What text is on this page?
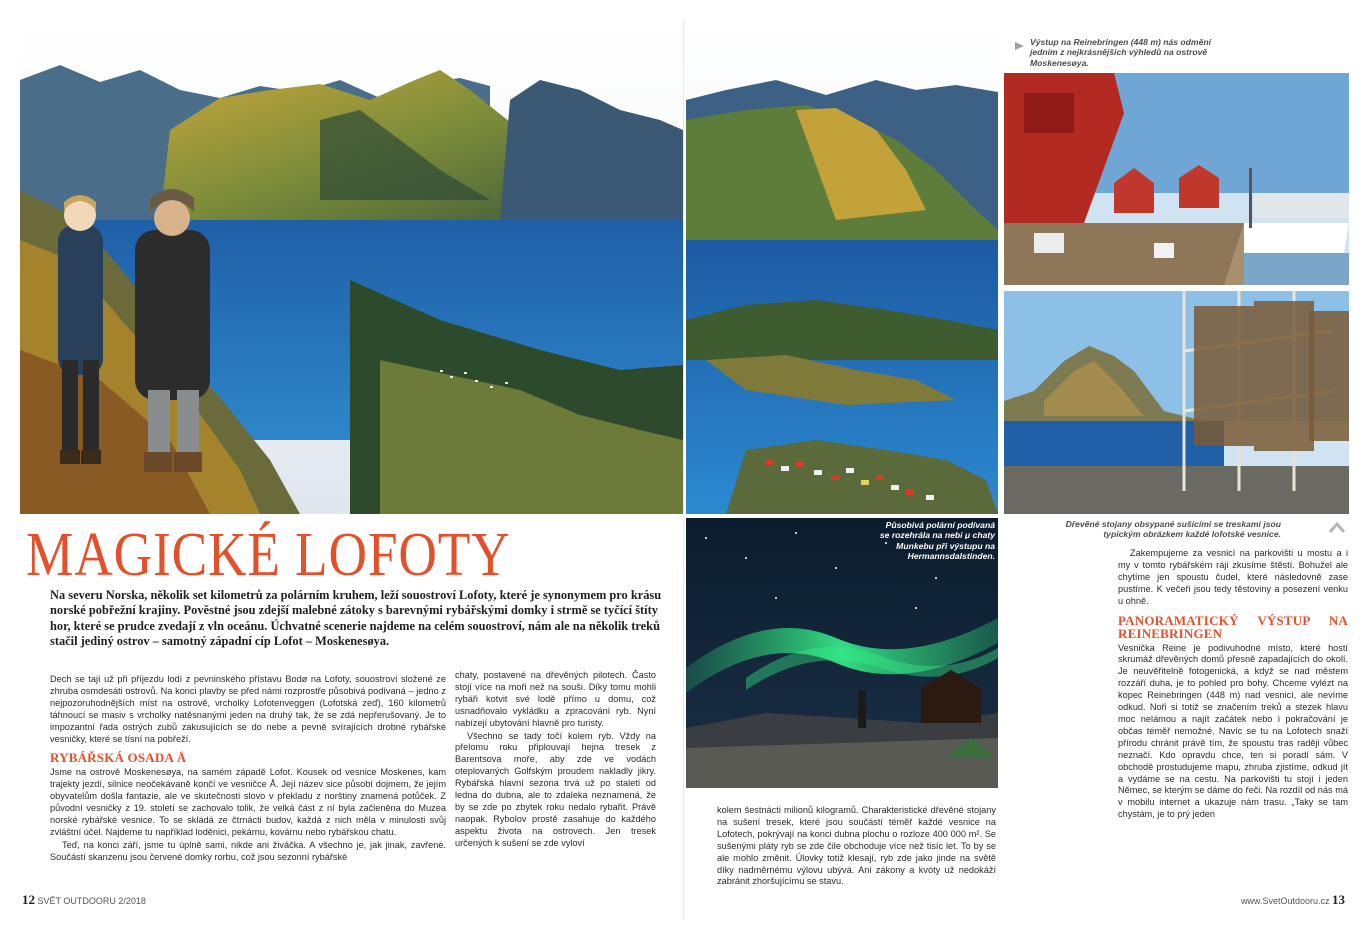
Výstup na Reinebringen (448 m) nás odmění jedním z nejkrásnějších výhledů na ostrově Moskenesøya.
Působivá polární podívaná se rozehrála na nebi u chaty Munkebu při výstupu na Hermannsdalstinden.
Dřevěné stojany obsypané sušícími se treskami jsou typickým obrázkem každé lofotské vesnice.
MAGICKÉ LOFOTY

Na severu Norska, několik set kilometrů za polárním kruhem, leží souostroví Lofoty, které je synonymem pro krásu norské pobřežní krajiny. Pověstné jsou zdejší malebné zátoky s barevnými rybářskými domky i strmě se tyčící štíty hor, které se prudce zvedají z vln oceánu. Úchvatné scenerie najdeme na celém souostroví, nám ale na několik treků stačil jediný ostrov – samotný západní cíp Lofot – Moskenesøya.

Dech se tají už při příjezdu lodí z pevninského přístavu Bodø na Lofoty, souostroví složené ze zhruba osmdesáti ostrovů. Na konci plavby se před námi rozprostře působivá podívaná – jedno z nejpozoruhodnějších míst na ostrově, vrcholky Lofotenveggen (Lofotská zeď), 160 kilometrů táhnoucí se masiv s vrcholky natěsnanými jeden na druhý tak, že se zdá nepřerušovaný. Je to impozantní řada ostrých zubů zakusujících se do nebe a pevně svírajících drobné rybářské vesničky, které se tísní na pobřeží.

RYBÁŘSKÁ OSADA Å

Jsme na ostrově Moskenesøya, na samém západě Lofot. Kousek od vesnice Moskenes, kam trajekty jezdí, silnice neočekávaně končí ve vesničce Å. Její název sice působí dojmem, že jejím obyvatelům došla fantazie, ale ve skutečnosti slovo v překladu z norštiny znamená potůček. Z původní vesničky z 19. století se zachovalo tolik, že velká část z ní byla začleněna do Muzea norské rybářské vesnice. To se skládá ze čtrnácti budov, každá z nich měla v minulosti svůj zvláštní účel. Najdeme tu například loděnici, pekárnu, kovárnu nebo rybářskou chatu.

Teď, na konci září, jsme tu úplně sami, nikde ani živáčka. A všechno je, jak jinak, zavřené. Součástí skanzenu jsou červené domky rorbu, což jsou sezonní rybářské

chaty, postavené na dřevěných pilotech. Často stojí více na moři než na souši. Díky tomu mohli rybáři kotvit své lodě přímo u domu, což usnadňovalo vykládku a zpracování ryb. Nyní nabízejí ubytování hlavně pro turisty.

Všechno se tady točí kolem ryb. Vždy na přelomu roku připlouvají hejna tresek z Barentsova moře, aby zde ve vodách oteplovaných Golfským proudem nakladly jikry. Rybářská hlavní sezona trvá už po staletí od ledna do dubna, ale to zdaleka neznamená, že by se zde po zbytek roku nedalo rybařit. Právě naopak. Rybolov prostě zasahuje do každého aspektu života na ostrovech. Jen tresek určených k sušení se zde vyloví

kolem šestnácti milionů kilogramů. Charakteristické dřevěné stojany na sušení tresek, které jsou součástí téměř každé vesnice na Lofotech, pokrývají na konci dubna plochu o rozloze 400 000 m². Se sušenými pláty ryb se zde čile obchoduje více než tisíc let. To by se ale mohlo změnit. Úlovky totiž klesají, ryb zde jako jinde na světě díky nadměrnému výlovu ubývá. Ani zákony a kvóty už nedokáží zabránit zhoršujícímu se stavu.

Zakempujeme za vesnicí na parkovišti u mostu a i my v tomto rybářském ráji zkusíme štěstí. Bohužel ale chytíme jen spoustu čudel, které následovně zase pustíme. K večeři jsou tedy těstoviny a posezení venku u ohně.

PANORAMATICKÝ VÝSTUP NA REINEBRINGEN

Vesnička Reine je podivuhodné místo, které hostí skrumáž dřevěných domů přesně zapadajících do okolí. Je neuvěřitelně fotogenická, a když se nad městem rozzáří duha, je to pohled pro bohy. Chceme vylézt na kopec Reinebringen (448 m) nad vesnicí, ale nevíme odkud. Noři si totiž se značením treků a stezek hlavu moc nelámou a najít začátek nebo i pokračování je občas téměř nemožné. Navíc se tu na Lofotech snaží přírodu chránit právě tím, že spoustu tras raději vůbec neznačí. Kdo opravdu chce, ten si poradí sám. V obchodě prostudujeme mapu, zhruba zjistíme, odkud jít a vydáme se na cestu. Na parkovišti tu stojí i jeden Němec, se kterým se dáme do řeči. Na rozdíl od nás má v mobilu internet a ukazuje nám trasu. „Taky se tam chystám, je to prý jeden

12 SVĚT OUTDOORU 2/2018	www.SvetOutdooru.cz 13
